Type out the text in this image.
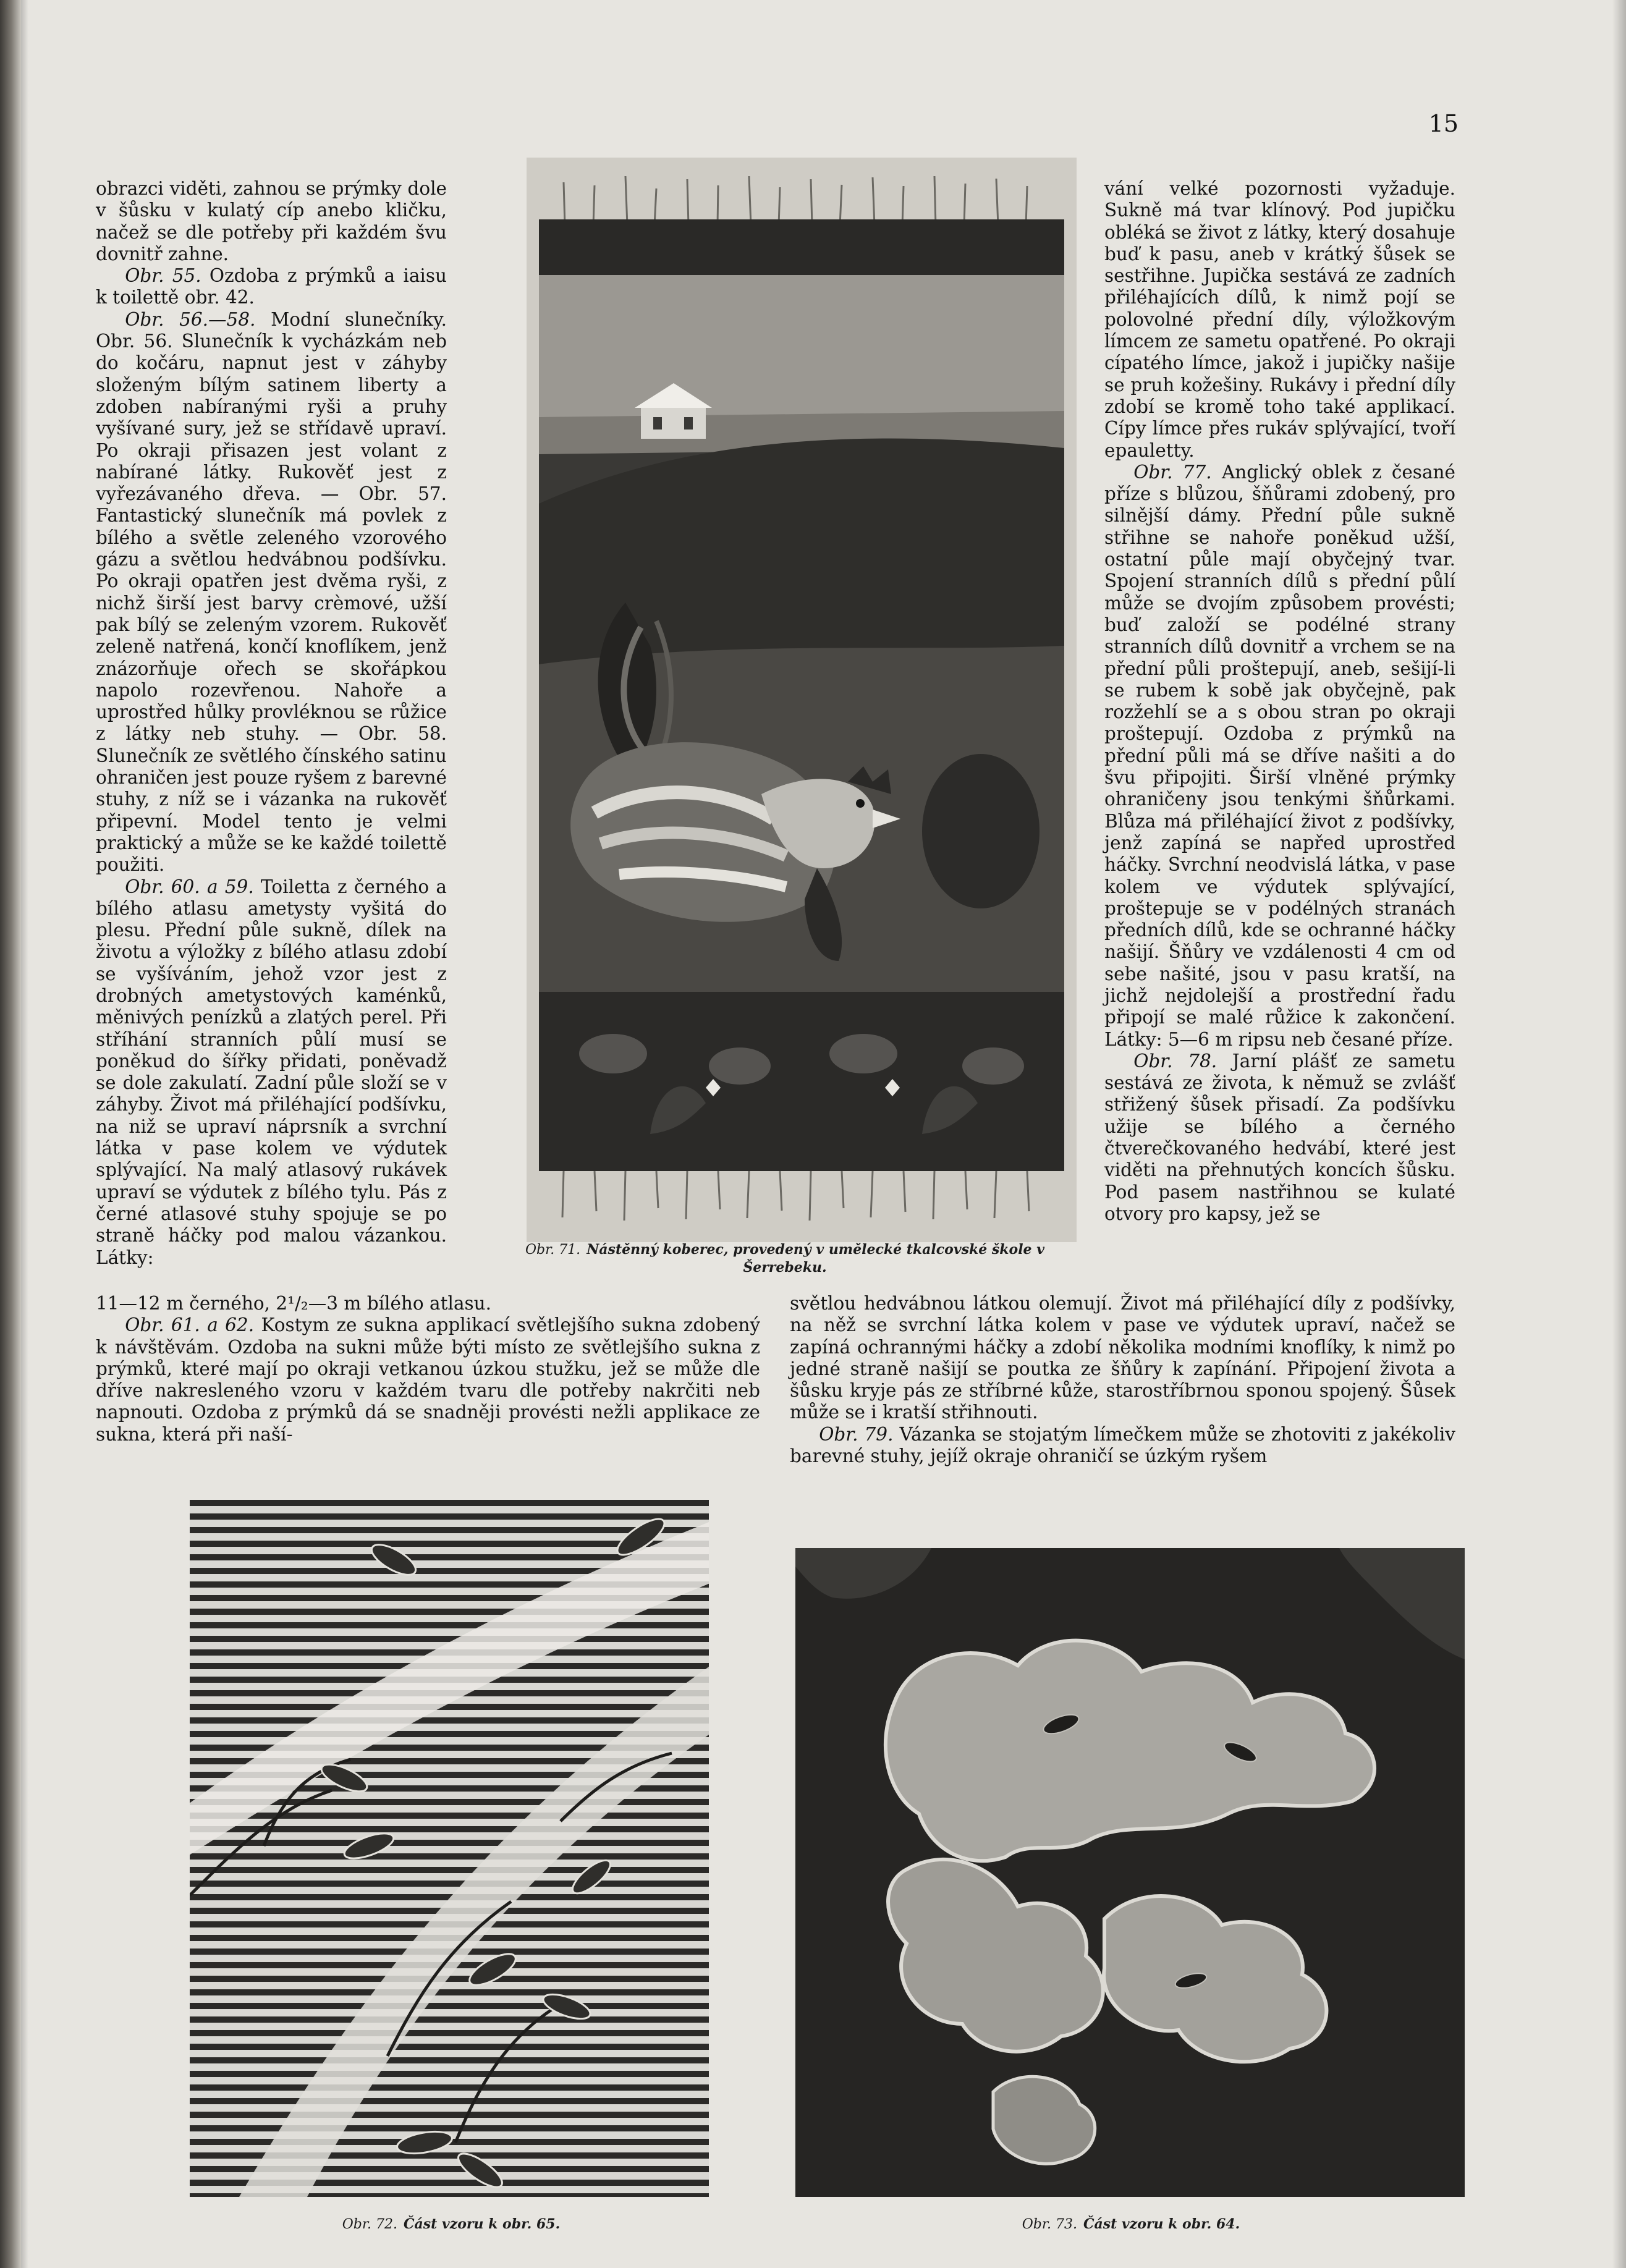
15

obrazci viděti, zahnou se prýmky dole v šůsku v kulatý cíp anebo kličku, načež se dle potřeby při každém švu dovnitř zahne.

Obr. 55. Ozdoba z prýmků a iaisu k toilettě obr. 42.

Obr. 56.—58. Modní slunečníky. Obr. 56. Slunečník k vycházkám neb do kočáru, napnut jest v záhyby složeným bílým satinem liberty a zdoben nabíranými ryši a pruhy vyšívané sury, jež se střídavě upraví. Po okraji přisazen jest volant z nabírané látky. Rukověť jest z vyřezávaného dřeva. — Obr. 57. Fantastický slunečník má povlek z bílého a světle zeleného vzorového gázu a světlou hedvábnou podšívku. Po okraji opatřen jest dvěma ryši, z nichž širší jest barvy crèmové, užší pak bílý se zeleným vzorem. Rukověť zeleně natřená, končí knoflíkem, jenž znázorňuje ořech se skořápkou napolo rozevřenou. Nahoře a uprostřed hůlky provléknou se růžice z látky neb stuhy. — Obr. 58. Slunečník ze světlého čínského satinu ohraničen jest pouze ryšem z barevné stuhy, z níž se i vázanka na rukověť připevní. Model tento je velmi praktický a může se ke každé toilettě použiti.

Obr. 60. a 59. Toiletta z černého a bílého atlasu ametysty vyšitá do plesu. Přední půle sukně, dílek na životu a výložky z bílého atlasu zdobí se vyšíváním, jehož vzor jest z drobných ametystových kaménků, měnivých penízků a zlatých perel. Při stříhání stranních půlí musí se poněkud do šířky přidati, poněvadž se dole zakulatí. Zadní půle složí se v záhyby. Život má přiléhající podšívku, na niž se upraví náprsník a svrchní látka v pase kolem ve výdutek splývající. Na malý atlasový rukávek upraví se výdutek z bílého tylu. Pás z černé atlasové stuhy spojuje se po straně háčky pod malou vázankou. Látky:

11—12 m černého, 2¹/₂—3 m bílého atlasu.

Obr. 61. a 62. Kostym ze sukna applikací světlejšího sukna zdobený k návštěvám. Ozdoba na sukni může býti místo ze světlejšího sukna z prýmků, které mají po okraji vetkanou úzkou stužku, jež se může dle dříve nakresleného vzoru v každém tvaru dle potřeby nakrčiti neb napnouti. Ozdoba z prýmků dá se snadněji provésti nežli applikace ze sukna, která při naší-

vání velké pozornosti vyžaduje. Sukně má tvar klínový. Pod jupičku obléká se život z látky, který dosahuje buď k pasu, aneb v krátký šůsek se sestřihne. Jupička sestává ze zadních přiléhajících dílů, k nimž pojí se polovolné přední díly, výložkovým límcem ze sametu opatřené. Po okraji cípatého límce, jakož i jupičky našije se pruh kožešiny. Rukávy i přední díly zdobí se kromě toho také applikací. Cípy límce přes rukáv splývající, tvoří epauletty.

Obr. 77. Anglický oblek z česané příze s blůzou, šňůrami zdobený, pro silnější dámy. Přední půle sukně střihne se nahoře poněkud užší, ostatní půle mají obyčejný tvar. Spojení stranních dílů s přední půlí může se dvojím způsobem provésti; buď založí se podélné strany stranních dílů dovnitř a vrchem se na přední půli proštepují, aneb, sešijí-li se rubem k sobě jak obyčejně, pak rozžehlí se a s obou stran po okraji proštepují. Ozdoba z prýmků na přední půli má se dříve našiti a do švu připojiti. Širší vlněné prýmky ohraničeny jsou tenkými šňůrkami. Blůza má přiléhající život z podšívky, jenž zapíná se napřed uprostřed háčky. Svrchní neodvislá látka, v pase kolem ve výdutek splývající, proštepuje se v podélných stranách předních dílů, kde se ochranné háčky našijí. Šňůry ve vzdálenosti 4 cm od sebe našité, jsou v pasu kratší, na jichž nejdolejší a prostřední řadu připojí se malé růžice k zakončení. Látky: 5—6 m ripsu neb česané příze.

Obr. 78. Jarní plášť ze sametu sestává ze života, k němuž se zvlášť střižený šůsek přisadí. Za podšívku užije se bílého a černého čtverečkovaného hedvábí, které jest viděti na přehnutých koncích šůsku. Pod pasem nastřihnou se kulaté otvory pro kapsy, jež se

světlou hedvábnou látkou olemují. Život má přiléhající díly z podšívky, na něž se svrchní látka kolem v pase ve výdutek upraví, načež se zapíná ochrannými háčky a zdobí několika modními knoflíky, k nimž po jedné straně našijí se poutka ze šňůry k zapínání. Připojení života a šůsku kryje pás ze stříbrné kůže, starostříbrnou sponou spojený. Šůsek může se i kratší střihnouti.

Obr. 79. Vázanka se stojatým límečkem může se zhotoviti z jakékoliv barevné stuhy, jejíž okraje ohraničí se úzkým ryšem

Obr. 71. Nástěnný koberec, provedený v umělecké tkalcovské škole v Šerrebeku.
Obr. 72. Část vzoru k obr. 65.	Obr. 73. Část vzoru k obr. 64.
